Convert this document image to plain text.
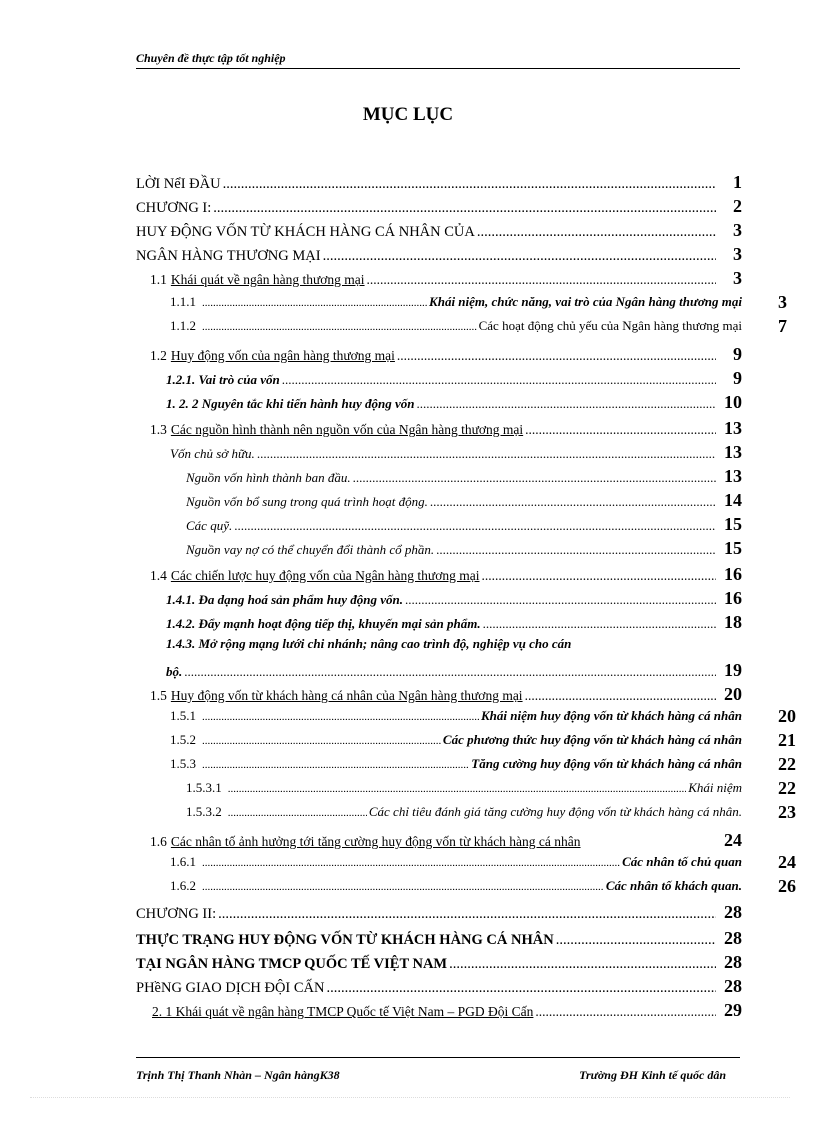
Chuyên đề thực tập tốt nghiệp
MỤC LỤC
LỜI NểI ĐẦU .....	1
CHƯƠNG I: .....	2
HUY ĐỘNG VỐN TỪ KHÁCH HÀNG CÁ NHÂN CỦA .....	3
NGÂN HÀNG THƯƠNG MẠI .....	3
1.1 Khái quát về ngân hàng thương mại .....	3
1.1.1 .....	Khái niệm, chức năng, vai trò của Ngân hàng thương mại 3
1.1.2 .....	Các hoạt động chủ yếu của Ngân hàng thương mại 7
1.2 Huy động vốn của ngân hàng thương mại .....	9
1.2.1. Vai trò của vốn .....	9
1. 2. 2 Nguyên tắc khi tiến hành huy động vốn .....	10
1.3 Các nguồn hình thành nên nguồn vốn của Ngân hàng thương mại .....	13
Vốn chủ sở hữu. .....	13
Nguồn vốn hình thành ban đầu. .....	13
Nguồn vốn bổ sung trong quá trình hoạt động. .....	14
Các quỹ. .....	15
Nguồn vay nợ có thể chuyển đổi thành cổ phần. .....	15
1.4 Các chiến lược huy động vốn của Ngân hàng thương mại .....	16
1.4.1. Đa dạng hoá sản phẩm huy động vốn. .....	16
1.4.2. Đẩy mạnh hoạt động tiếp thị, khuyến mại sản phẩm. .....	18
1.4.3. Mở rộng mạng lưới chi nhánh; nâng cao trình độ, nghiệp vụ cho cán
bộ. .....	19
1.5 Huy động vốn từ khách hàng cá nhân của Ngân hàng thương mại .....	20
1.5.1 .....	Khái niệm huy động vốn từ khách hàng cá nhân 20
1.5.2 .....	Các phương thức huy động vốn từ khách hàng cá nhân 21
1.5.3 .....	Tăng cường huy động vốn từ khách hàng cá nhân 22
1.5.3.1 .....	Khái niệm 22
1.5.3.2 .....	Các chỉ tiêu đánh giá tăng cường huy động vốn từ khách hàng cá nhân. 23
1.6 Các nhân tố ảnh hưởng tới tăng cường huy động vốn từ khách hàng cá nhân	24
1.6.1 .....	Các nhân tố chủ quan 24
1.6.2 .....	Các nhân tố khách quan. 26
CHƯƠNG II: .....	28
THỰC TRẠNG HUY ĐỘNG VỐN TỪ KHÁCH HÀNG CÁ NHÂN .....	28
TẠI NGÂN HÀNG TMCP QUỐC TẾ VIỆT NAM .....	28
PHềNG GIAO DỊCH ĐỘI CẤN .....	28
2. 1 Khái quát về ngân hàng TMCP Quốc tế Việt Nam – PGD Đội Cấn .....	29
Trịnh Thị Thanh Nhàn – Ngân hàngK38	Trường ĐH Kinh tế quốc dân
